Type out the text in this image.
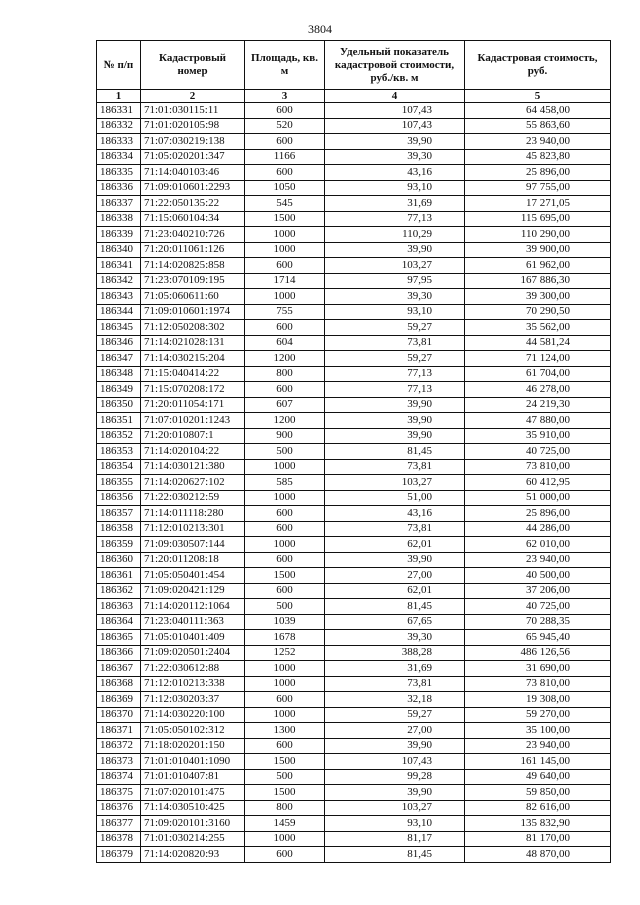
3804
№ п/п	Кадастровый номер	Площадь, кв. м	Удельный показатель кадастровой стоимости, руб./кв. м	Кадастровая стоимость, руб.
1	2	3	4	5
186331	71:01:030115:11	600	107,43	64 458,00
186332	71:01:020105:98	520	107,43	55 863,60
186333	71:07:030219:138	600	39,90	23 940,00
186334	71:05:020201:347	1166	39,30	45 823,80
186335	71:14:040103:46	600	43,16	25 896,00
186336	71:09:010601:2293	1050	93,10	97 755,00
186337	71:22:050135:22	545	31,69	17 271,05
186338	71:15:060104:34	1500	77,13	115 695,00
186339	71:23:040210:726	1000	110,29	110 290,00
186340	71:20:011061:126	1000	39,90	39 900,00
186341	71:14:020825:858	600	103,27	61 962,00
186342	71:23:070109:195	1714	97,95	167 886,30
186343	71:05:060611:60	1000	39,30	39 300,00
186344	71:09:010601:1974	755	93,10	70 290,50
186345	71:12:050208:302	600	59,27	35 562,00
186346	71:14:021028:131	604	73,81	44 581,24
186347	71:14:030215:204	1200	59,27	71 124,00
186348	71:15:040414:22	800	77,13	61 704,00
186349	71:15:070208:172	600	77,13	46 278,00
186350	71:20:011054:171	607	39,90	24 219,30
186351	71:07:010201:1243	1200	39,90	47 880,00
186352	71:20:010807:1	900	39,90	35 910,00
186353	71:14:020104:22	500	81,45	40 725,00
186354	71:14:030121:380	1000	73,81	73 810,00
186355	71:14:020627:102	585	103,27	60 412,95
186356	71:22:030212:59	1000	51,00	51 000,00
186357	71:14:011118:280	600	43,16	25 896,00
186358	71:12:010213:301	600	73,81	44 286,00
186359	71:09:030507:144	1000	62,01	62 010,00
186360	71:20:011208:18	600	39,90	23 940,00
186361	71:05:050401:454	1500	27,00	40 500,00
186362	71:09:020421:129	600	62,01	37 206,00
186363	71:14:020112:1064	500	81,45	40 725,00
186364	71:23:040111:363	1039	67,65	70 288,35
186365	71:05:010401:409	1678	39,30	65 945,40
186366	71:09:020501:2404	1252	388,28	486 126,56
186367	71:22:030612:88	1000	31,69	31 690,00
186368	71:12:010213:338	1000	73,81	73 810,00
186369	71:12:030203:37	600	32,18	19 308,00
186370	71:14:030220:100	1000	59,27	59 270,00
186371	71:05:050102:312	1300	27,00	35 100,00
186372	71:18:020201:150	600	39,90	23 940,00
186373	71:01:010401:1090	1500	107,43	161 145,00
186374	71:01:010407:81	500	99,28	49 640,00
186375	71:07:020101:475	1500	39,90	59 850,00
186376	71:14:030510:425	800	103,27	82 616,00
186377	71:09:020101:3160	1459	93,10	135 832,90
186378	71:01:030214:255	1000	81,17	81 170,00
186379	71:14:020820:93	600	81,45	48 870,00
